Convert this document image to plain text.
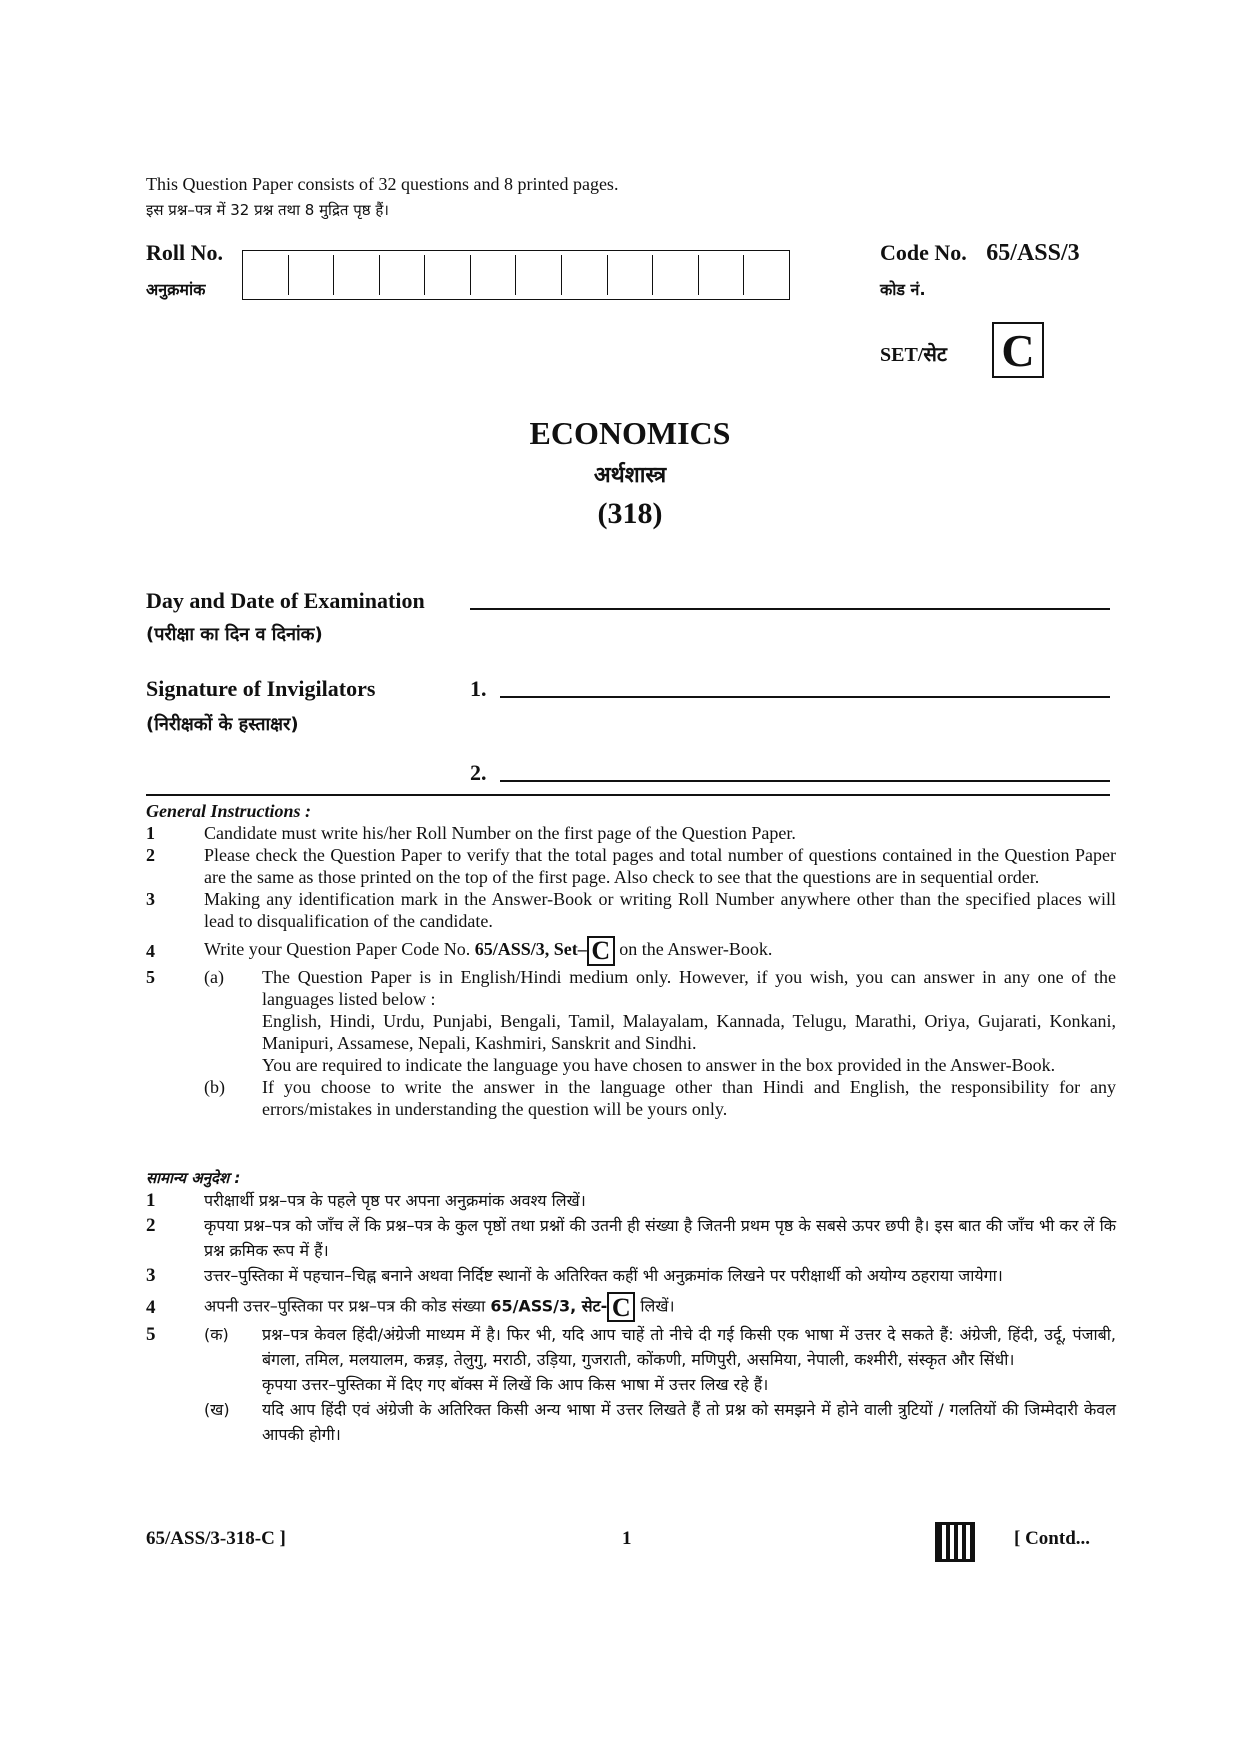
This Question Paper consists of 32 questions and 8 printed pages.
इस प्रश्न–पत्र में 32 प्रश्न तथा 8 मुद्रित पृष्ठ हैं।
Roll No.
अनुक्रमांक
Code No. 65/ASS/3
कोड नं.
SET/सेट C
ECONOMICS
अर्थशास्त्र
(318)
Day and Date of Examination
(परीक्षा का दिन व दिनांक)
Signature of Invigilators	1.
(निरीक्षकों के हस्ताक्षर)
2.
General Instructions :
1	Candidate must write his/her Roll Number on the first page of the Question Paper.
2	Please check the Question Paper to verify that the total pages and total number of questions contained in the Question Paper are the same as those printed on the top of the first page. Also check to see that the questions are in sequential order.
3	Making any identification mark in the Answer-Book or writing Roll Number anywhere other than the specified places will lead to disqualification of the candidate.
4	Write your Question Paper Code No. 65/ASS/3, Set– C on the Answer-Book.
5	(a)	The Question Paper is in English/Hindi medium only. However, if you wish, you can answer in any one of the languages listed below :
English, Hindi, Urdu, Punjabi, Bengali, Tamil, Malayalam, Kannada, Telugu, Marathi, Oriya, Gujarati, Konkani, Manipuri, Assamese, Nepali, Kashmiri, Sanskrit and Sindhi.
You are required to indicate the language you have chosen to answer in the box provided in the Answer-Book.
(b)	If you choose to write the answer in the language other than Hindi and English, the responsibility for any errors/mistakes in understanding the question will be yours only.
सामान्य अनुदेश :
1	परीक्षार्थी प्रश्न–पत्र के पहले पृष्ठ पर अपना अनुक्रमांक अवश्य लिखें।
2	कृपया प्रश्न–पत्र को जाँच लें कि प्रश्न–पत्र के कुल पृष्ठों तथा प्रश्नों की उतनी ही संख्या है जितनी प्रथम पृष्ठ के सबसे ऊपर छपी है। इस बात की जाँच भी कर लें कि प्रश्न क्रमिक रूप में हैं।
3	उत्तर–पुस्तिका में पहचान–चिह्न बनाने अथवा निर्दिष्ट स्थानों के अतिरिक्त कहीं भी अनुक्रमांक लिखने पर परीक्षार्थी को अयोग्य ठहराया जायेगा।
4	अपनी उत्तर–पुस्तिका पर प्रश्न–पत्र की कोड संख्या 65/ASS/3, सेट- C लिखें।
5	(क)	प्रश्न–पत्र केवल हिंदी/अंग्रेजी माध्यम में है। फिर भी, यदि आप चाहें तो नीचे दी गई किसी एक भाषा में उत्तर दे सकते हैं: अंग्रेजी, हिंदी, उर्दू, पंजाबी, बंगला, तमिल, मलयालम, कन्नड़, तेलुगु, मराठी, उड़िया, गुजराती, कोंकणी, मणिपुरी, असमिया, नेपाली, कश्मीरी, संस्कृत और सिंधी।
कृपया उत्तर–पुस्तिका में दिए गए बॉक्स में लिखें कि आप किस भाषा में उत्तर लिख रहे हैं।
(ख)	यदि आप हिंदी एवं अंग्रेजी के अतिरिक्त किसी अन्य भाषा में उत्तर लिखते हैं तो प्रश्न को समझने में होने वाली त्रुटियों / गलतियों की जिम्मेदारी केवल आपकी होगी।
65/ASS/3-318-C ]	1	[ Contd...
